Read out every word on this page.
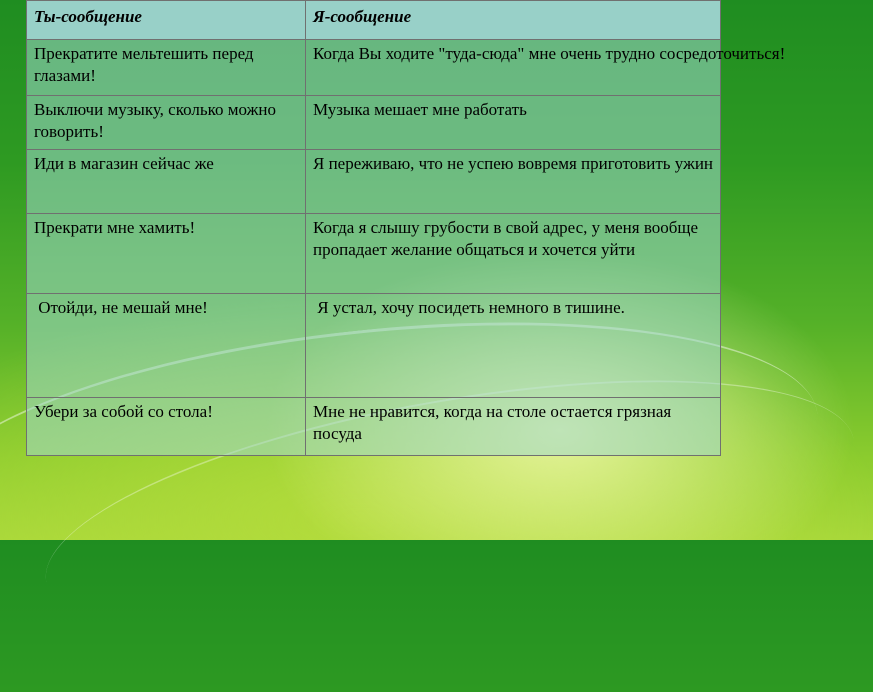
Ты-сообщение	Я-сообщение
Прекратите мельтешить перед глазами!	Когда Вы ходите "туда-сюда" мне очень трудно сосредоточиться!
Выключи музыку, сколько можно говорить!	Музыка мешает мне работать
Иди в магазин сейчас же	Я переживаю, что не успею вовремя приготовить ужин
Прекрати мне хамить!	Когда я слышу грубости в свой адрес, у меня вообще пропадает желание общаться и хочется уйти
Отойди, не мешай мне!	Я устал, хочу посидеть немного в тишине.
Убери за собой со стола!	Мне не нравится, когда на столе остается грязная посуда
